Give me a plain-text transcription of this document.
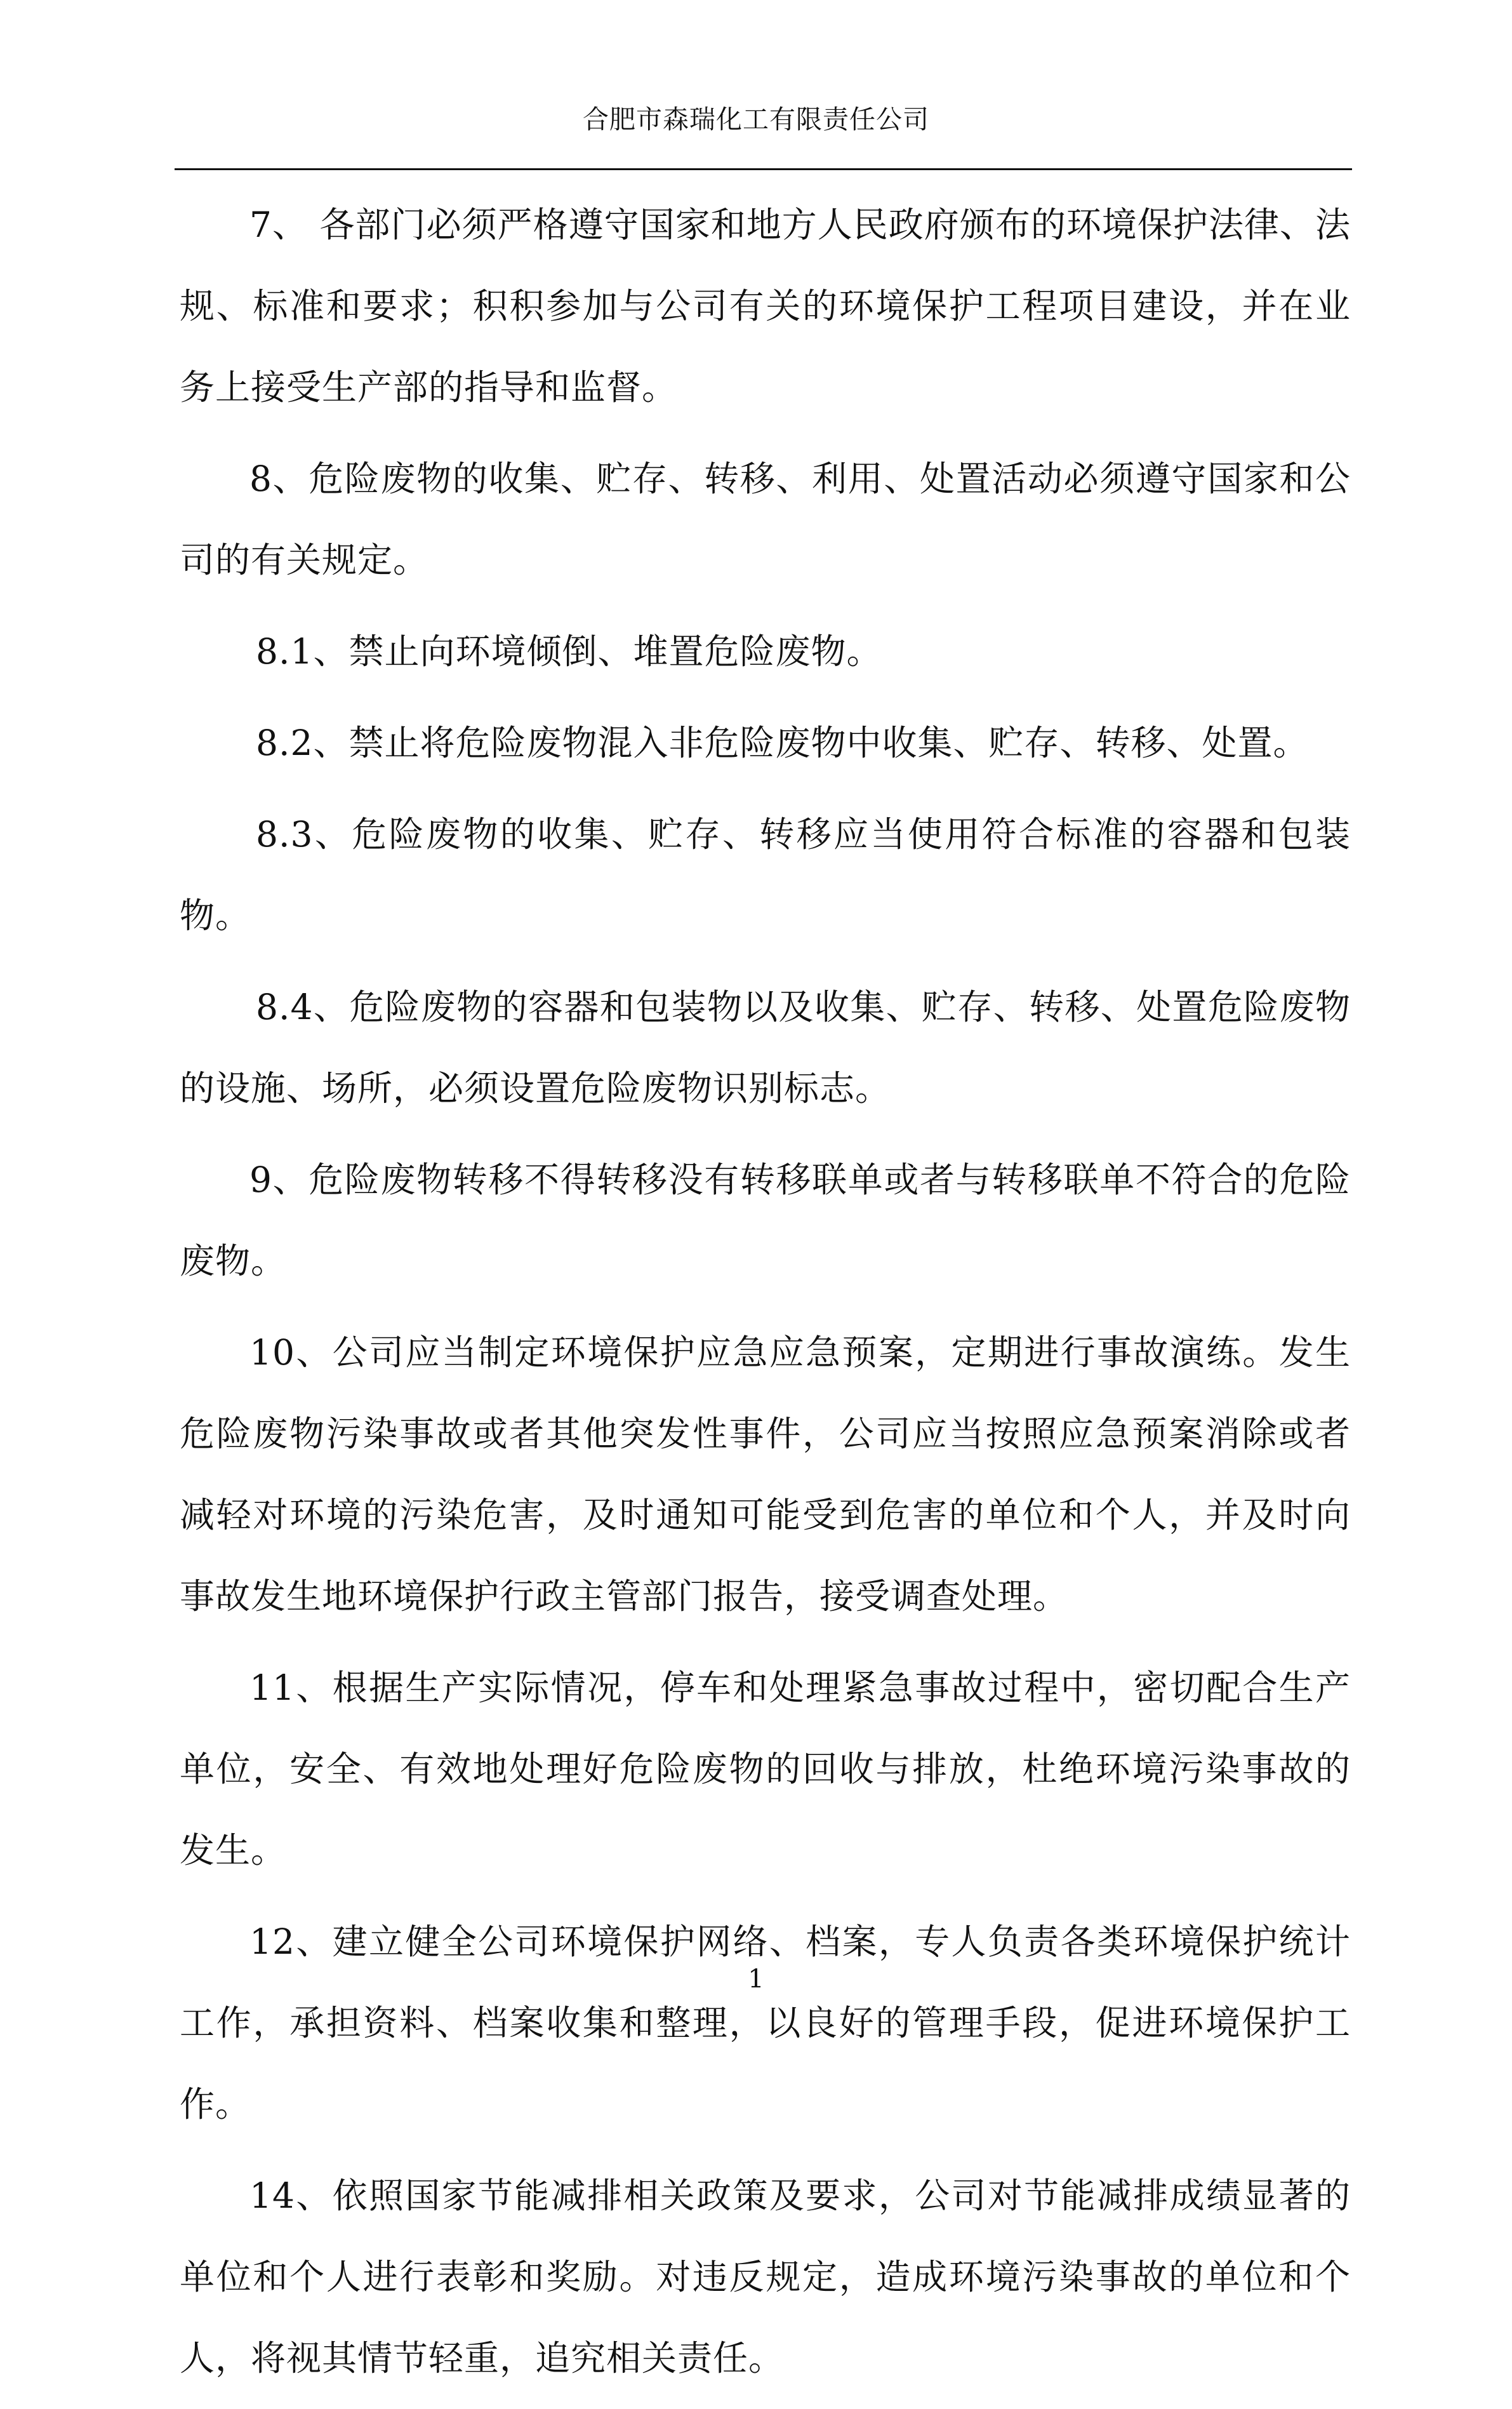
合肥市森瑞化工有限责任公司

7、 各部门必须严格遵守国家和地方人民政府颁布的环境保护法律、法规、标准和要求；积积参加与公司有关的环境保护工程项目建设，并在业务上接受生产部的指导和监督。

8、危险废物的收集、贮存、转移、利用、处置活动必须遵守国家和公司的有关规定。

8.1、禁止向环境倾倒、堆置危险废物。

8.2、禁止将危险废物混入非危险废物中收集、贮存、转移、处置。

8.3、危险废物的收集、贮存、转移应当使用符合标准的容器和包装物。

8.4、危险废物的容器和包装物以及收集、贮存、转移、处置危险废物的设施、场所，必须设置危险废物识别标志。

9、危险废物转移不得转移没有转移联单或者与转移联单不符合的危险废物。

10、公司应当制定环境保护应急应急预案，定期进行事故演练。发生危险废物污染事故或者其他突发性事件，公司应当按照应急预案消除或者减轻对环境的污染危害，及时通知可能受到危害的单位和个人，并及时向事故发生地环境保护行政主管部门报告，接受调查处理。

11、根据生产实际情况，停车和处理紧急事故过程中，密切配合生产单位，安全、有效地处理好危险废物的回收与排放，杜绝环境污染事故的发生。

12、建立健全公司环境保护网络、档案，专人负责各类环境保护统计工作，承担资料、档案收集和整理，以良好的管理手段，促进环境保护工作。

14、依照国家节能减排相关政策及要求，公司对节能减排成绩显著的单位和个人进行表彰和奖励。对违反规定，造成环境污染事故的单位和个人，将视其情节轻重，追究相关责任。

1
